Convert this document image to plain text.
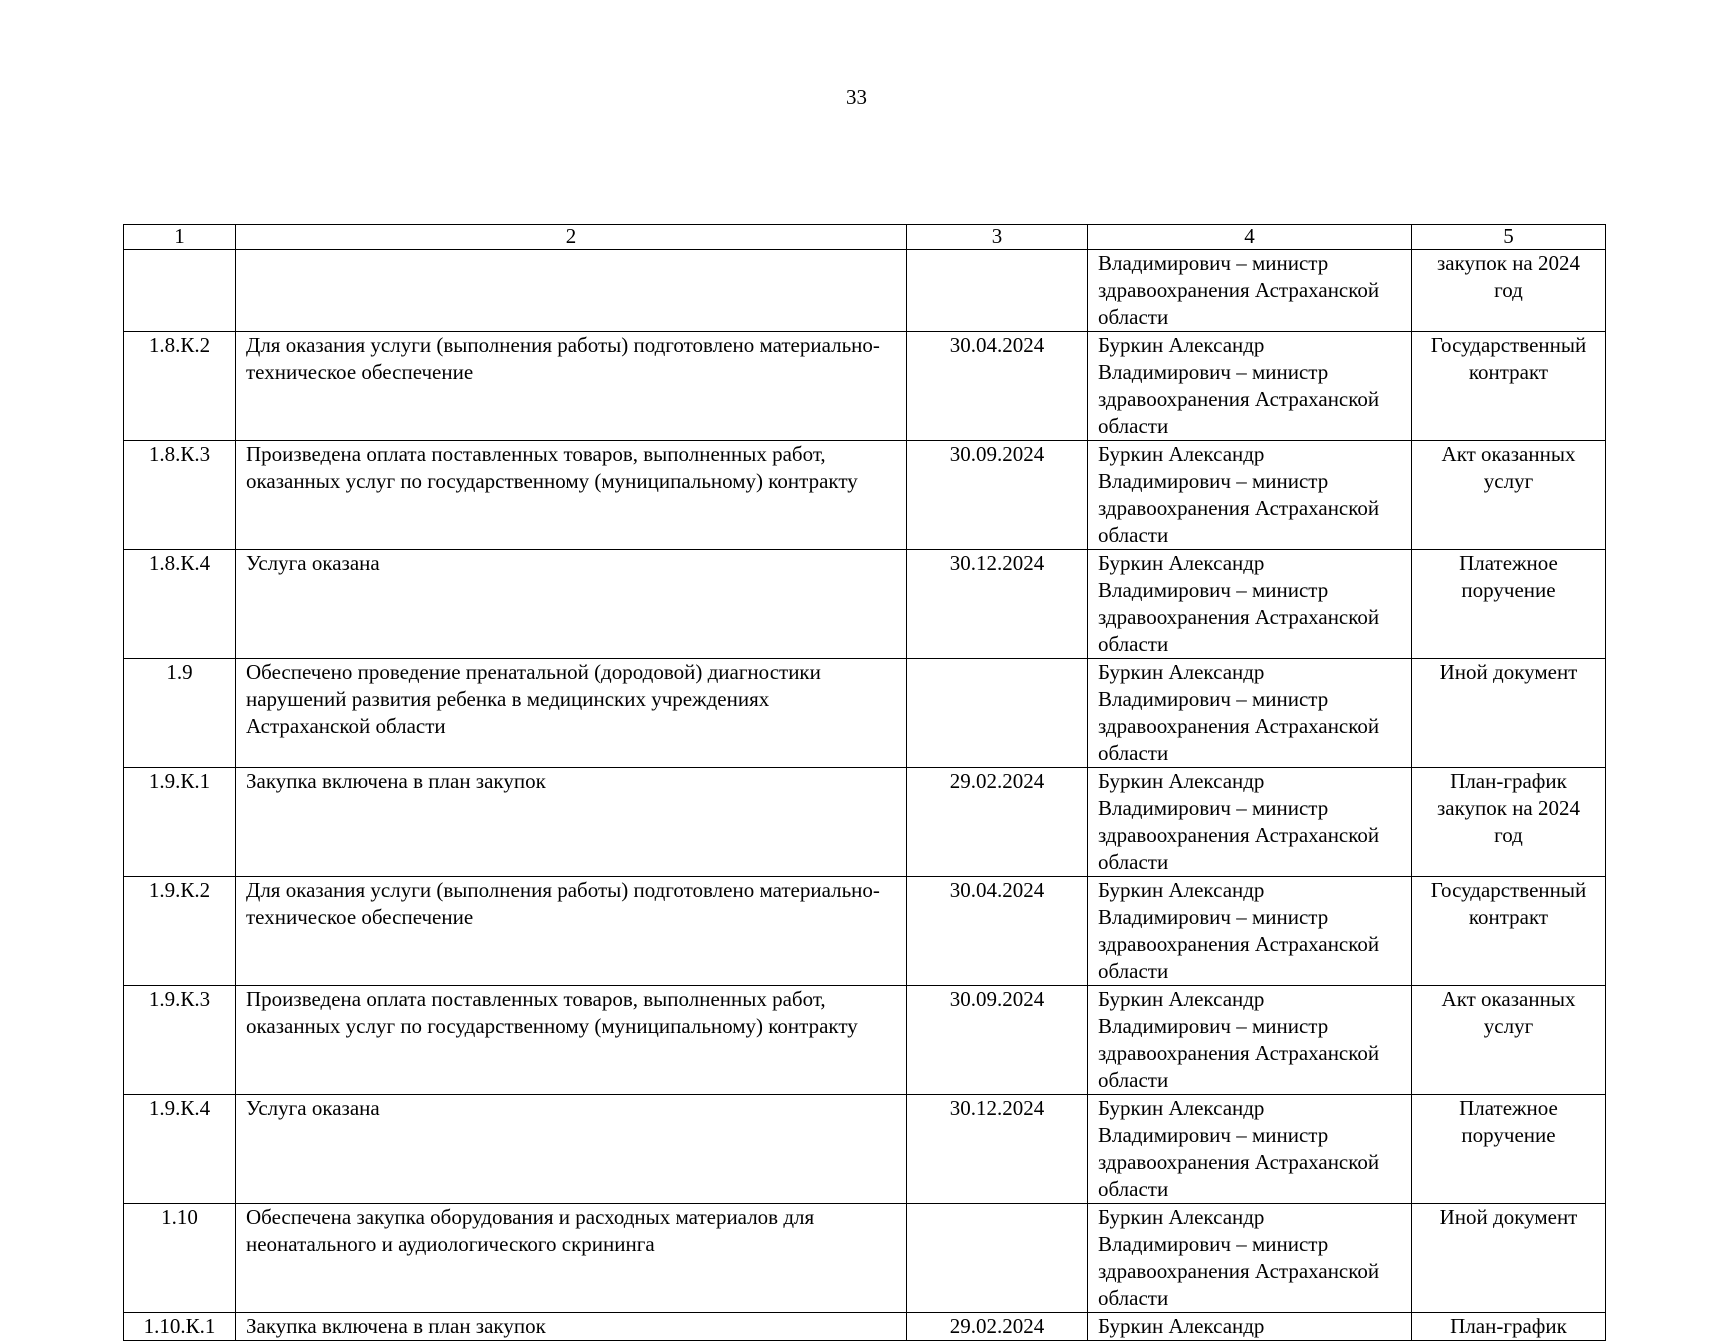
33
1	2	3	4	5
			Владимирович – министр здравоохранения Астраханской области	закупок на 2024 год
1.8.К.2	Для оказания услуги (выполнения работы) подготовлено материально-техническое обеспечение	30.04.2024	Буркин Александр Владимирович – министр здравоохранения Астраханской области	Государственный контракт
1.8.К.3	Произведена оплата поставленных товаров, выполненных работ, оказанных услуг по государственному (муниципальному) контракту	30.09.2024	Буркин Александр Владимирович – министр здравоохранения Астраханской области	Акт оказанных услуг
1.8.К.4	Услуга оказана	30.12.2024	Буркин Александр Владимирович – министр здравоохранения Астраханской области	Платежное поручение
1.9	Обеспечено проведение пренатальной (дородовой) диагностики нарушений развития ребенка в медицинских учреждениях Астраханской области		Буркин Александр Владимирович – министр здравоохранения Астраханской области	Иной документ
1.9.К.1	Закупка включена в план закупок	29.02.2024	Буркин Александр Владимирович – министр здравоохранения Астраханской области	План-график закупок на 2024 год
1.9.К.2	Для оказания услуги (выполнения работы) подготовлено материально-техническое обеспечение	30.04.2024	Буркин Александр Владимирович – министр здравоохранения Астраханской области	Государственный контракт
1.9.К.3	Произведена оплата поставленных товаров, выполненных работ, оказанных услуг по государственному (муниципальному) контракту	30.09.2024	Буркин Александр Владимирович – министр здравоохранения Астраханской области	Акт оказанных услуг
1.9.К.4	Услуга оказана	30.12.2024	Буркин Александр Владимирович – министр здравоохранения Астраханской области	Платежное поручение
1.10	Обеспечена закупка оборудования и расходных материалов для неонатального и аудиологического скрининга		Буркин Александр Владимирович – министр здравоохранения Астраханской области	Иной документ
1.10.К.1	Закупка включена в план закупок	29.02.2024	Буркин Александр	План-график
